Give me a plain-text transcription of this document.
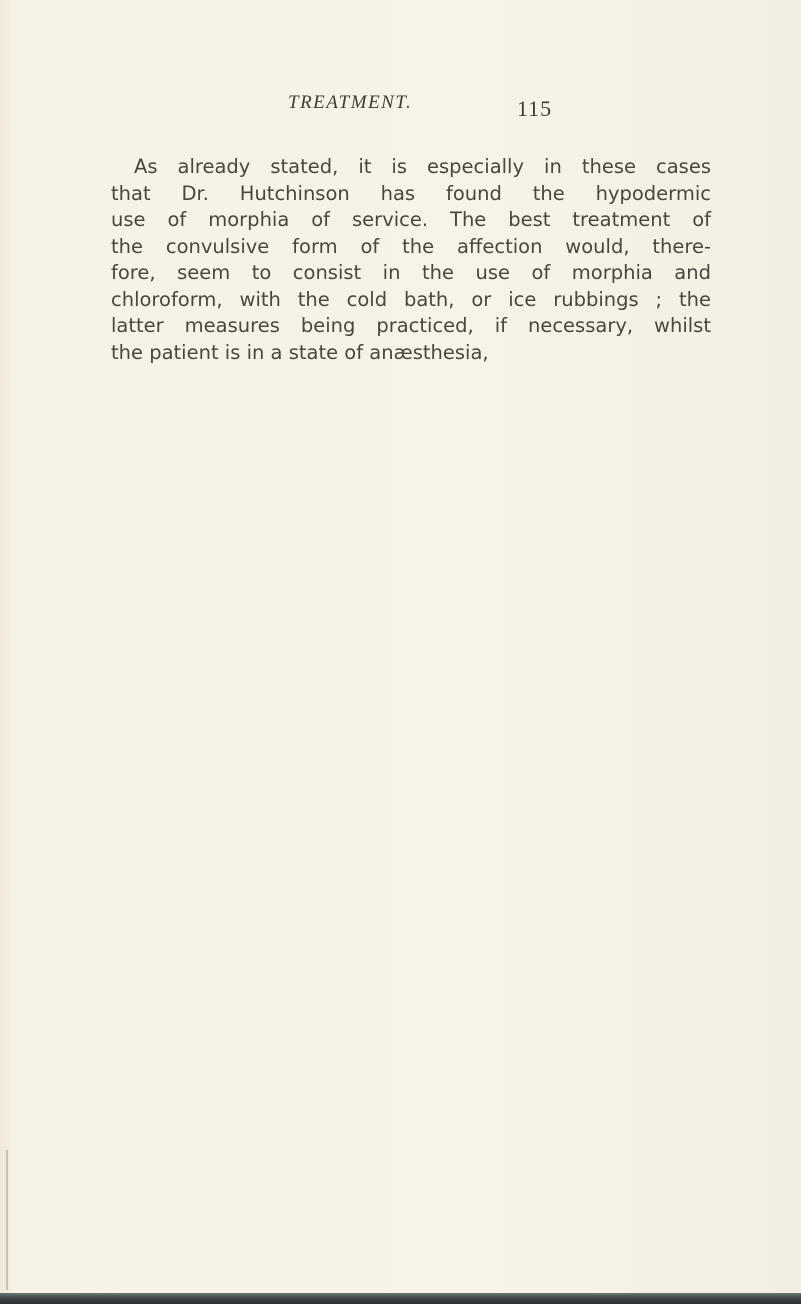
TREATMENT.	115

As already stated, it is especially in these cases
that Dr. Hutchinson has found the hypodermic
use of morphia of service. The best treatment of
the convulsive form of the affection would, there-
fore, seem to consist in the use of morphia and
chloroform, with the cold bath, or ice rubbings ; the
latter measures being practiced, if necessary, whilst
the patient is in a state of anæsthesia,
